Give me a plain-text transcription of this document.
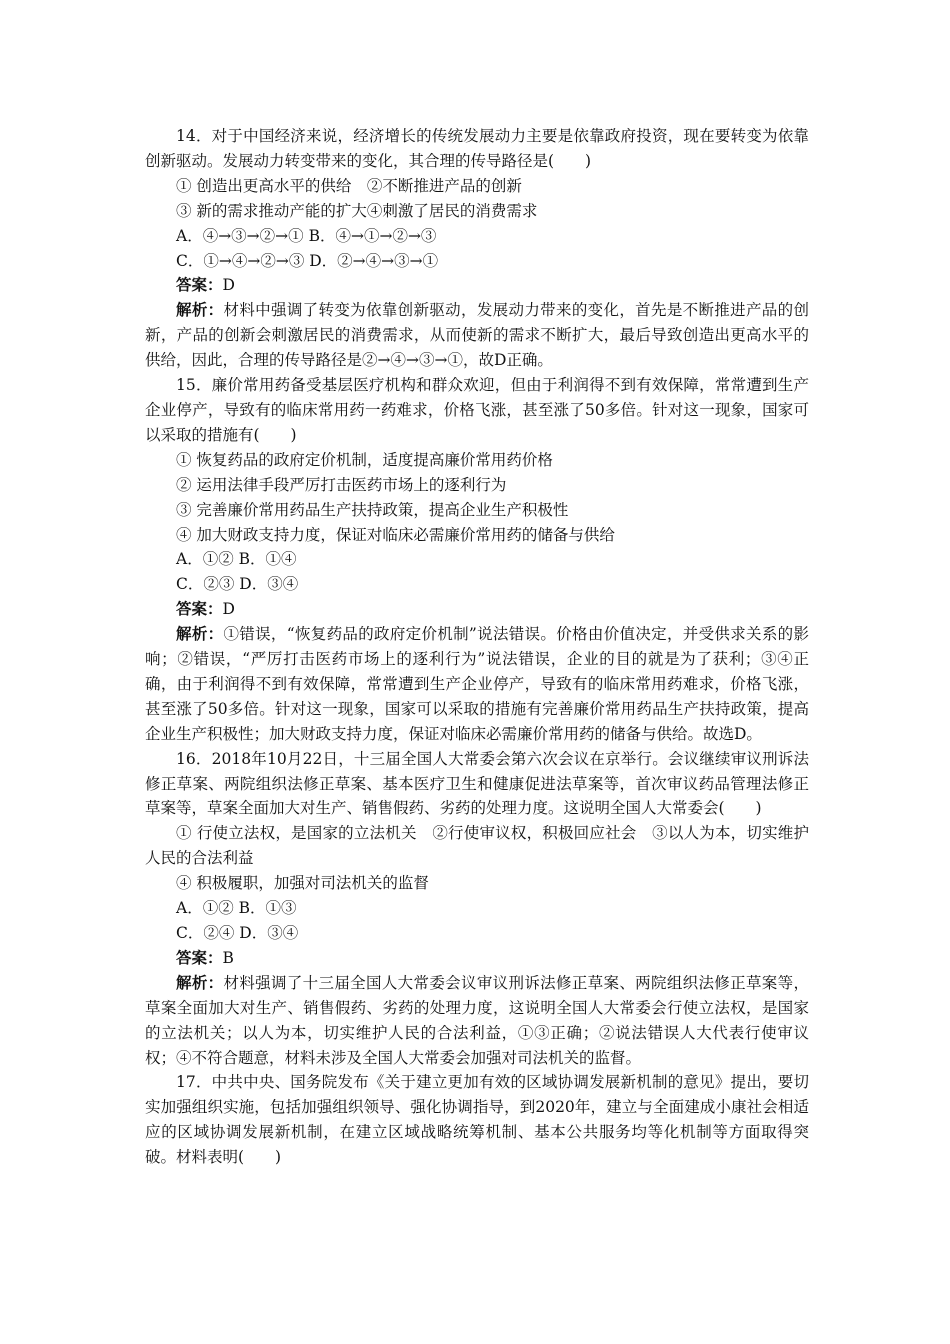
14．对于中国经济来说，经济增长的传统发展动力主要是依靠政府投资，现在要转变为依靠创新驱动。发展动力转变带来的变化，其合理的传导路径是(　　)

① 创造出更高水平的供给　②不断推进产品的创新

③ 新的需求推动产能的扩大④刺激了居民的消费需求

A．④→③→②→① B．④→①→②→③

C．①→④→②→③ D．②→④→③→①

答案：D

解析：材料中强调了转变为依靠创新驱动，发展动力带来的变化，首先是不断推进产品的创新，产品的创新会刺激居民的消费需求，从而使新的需求不断扩大，最后导致创造出更高水平的供给，因此，合理的传导路径是②→④→③→①，故D正确。

15．廉价常用药备受基层医疗机构和群众欢迎，但由于利润得不到有效保障，常常遭到生产企业停产，导致有的临床常用药一药难求，价格飞涨，甚至涨了50多倍。针对这一现象，国家可以采取的措施有(　　)

① 恢复药品的政府定价机制，适度提高廉价常用药价格

② 运用法律手段严厉打击医药市场上的逐利行为

③ 完善廉价常用药品生产扶持政策，提高企业生产积极性

④ 加大财政支持力度，保证对临床必需廉价常用药的储备与供给

A．①② B．①④

C．②③ D．③④

答案：D

解析：①错误，“恢复药品的政府定价机制”说法错误。价格由价值决定，并受供求关系的影响；②错误，“严厉打击医药市场上的逐利行为”说法错误，企业的目的就是为了获利；③④正确，由于利润得不到有效保障，常常遭到生产企业停产，导致有的临床常用药难求，价格飞涨，甚至涨了50多倍。针对这一现象，国家可以采取的措施有完善廉价常用药品生产扶持政策，提高企业生产积极性；加大财政支持力度，保证对临床必需廉价常用药的储备与供给。故选D。

16．2018年10月22日，十三届全国人大常委会第六次会议在京举行。会议继续审议刑诉法修正草案、两院组织法修正草案、基本医疗卫生和健康促进法草案等，首次审议药品管理法修正草案等，草案全面加大对生产、销售假药、劣药的处理力度。这说明全国人大常委会(　　)

① 行使立法权，是国家的立法机关　②行使审议权，积极回应社会　③以人为本，切实维护人民的合法利益

④ 积极履职，加强对司法机关的监督

A．①② B．①③

C．②④ D．③④

答案：B

解析：材料强调了十三届全国人大常委会议审议刑诉法修正草案、两院组织法修正草案等，草案全面加大对生产、销售假药、劣药的处理力度，这说明全国人大常委会行使立法权，是国家的立法机关；以人为本，切实维护人民的合法利益，①③正确；②说法错误人大代表行使审议权；④不符合题意，材料未涉及全国人大常委会加强对司法机关的监督。

17．中共中央、国务院发布《关于建立更加有效的区域协调发展新机制的意见》提出，要切实加强组织实施，包括加强组织领导、强化协调指导，到2020年，建立与全面建成小康社会相适应的区域协调发展新机制，在建立区域战略统筹机制、基本公共服务均等化机制等方面取得突破。材料表明(　　)
